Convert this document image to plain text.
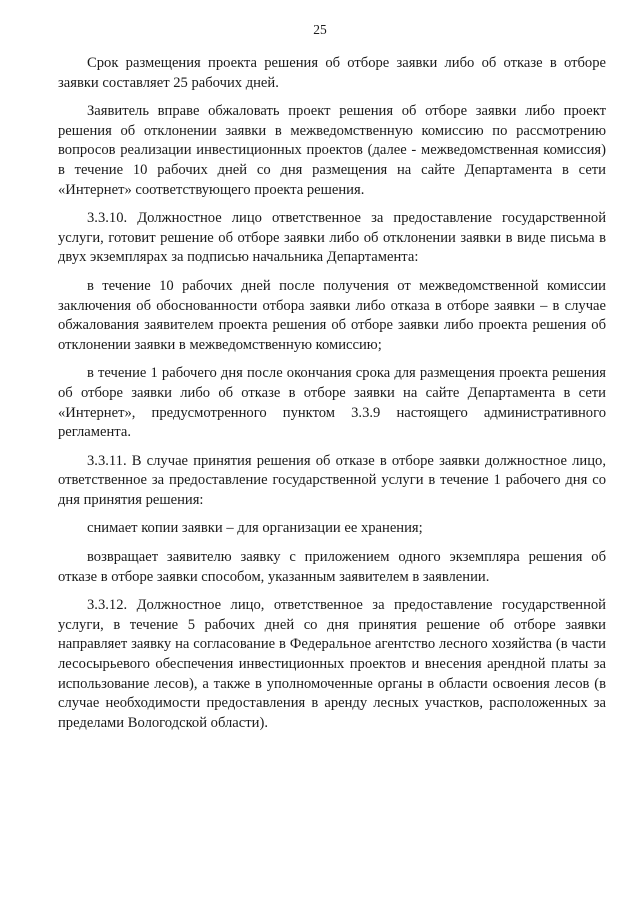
25

Срок размещения проекта решения об отборе заявки либо об отказе в отборе заявки составляет 25 рабочих дней.

Заявитель вправе обжаловать проект решения об отборе заявки либо проект решения об отклонении заявки в межведомственную комиссию по рассмотрению вопросов реализации инвестиционных проектов (далее - межведомственная комиссия) в течение 10 рабочих дней со дня размещения на сайте Департамента в сети «Интернет» соответствующего проекта решения.

3.3.10. Должностное лицо ответственное за предоставление государственной услуги, готовит решение об отборе заявки либо об отклонении заявки в виде письма в двух экземплярах за подписью начальника Департамента:

в течение 10 рабочих дней после получения от межведомственной комиссии заключения об обоснованности отбора заявки либо отказа в отборе заявки – в случае обжалования заявителем проекта решения об отборе заявки либо проекта решения об отклонении заявки в межведомственную комиссию;

в течение 1 рабочего дня после окончания срока для размещения проекта решения об отборе заявки либо об отказе в отборе заявки на сайте Департамента в сети «Интернет», предусмотренного пунктом 3.3.9 настоящего административного регламента.

3.3.11. В случае принятия решения об отказе в отборе заявки должностное лицо, ответственное за предоставление государственной услуги в течение 1 рабочего дня со дня принятия решения:

снимает копии заявки – для организации ее хранения;

возвращает заявителю заявку с приложением одного экземпляра решения об отказе в отборе заявки способом, указанным заявителем в заявлении.

3.3.12. Должностное лицо, ответственное за предоставление государственной услуги, в течение 5 рабочих дней со дня принятия решение об отборе заявки направляет заявку на согласование в Федеральное агентство лесного хозяйства (в части лесосырьевого обеспечения инвестиционных проектов и внесения арендной платы за использование лесов), а также в уполномоченные органы в области освоения лесов (в случае необходимости предоставления в аренду лесных участков, расположенных за пределами Вологодской области).
